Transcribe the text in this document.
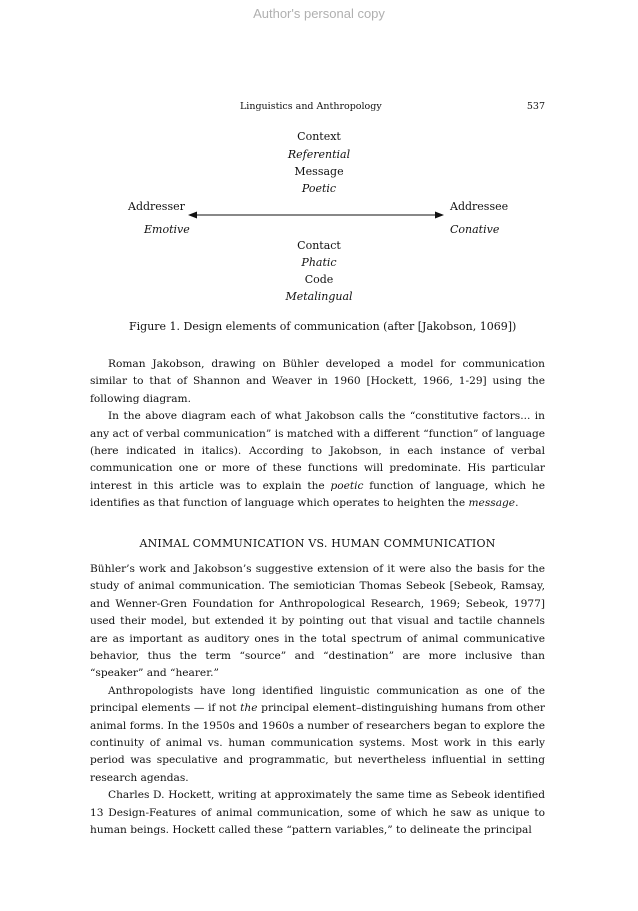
Author's personal copy
Linguistics and Anthropology	537
Context
Referential
Message
Poetic
Addresser
Emotive
Addressee
Conative
Contact
Phatic
Code
Metalingual
Figure 1. Design elements of communication (after [Jakobson, 1069])

Roman Jakobson, drawing on Bühler developed a model for communication similar to that of Shannon and Weaver in 1960 [Hockett, 1966, 1-29] using the following diagram.

In the above diagram each of what Jakobson calls the “constitutive factors... in any act of verbal communication” is matched with a different “function” of language (here indicated in italics). According to Jakobson, in each instance of verbal communication one or more of these functions will predominate. His particular interest in this article was to explain the poetic function of language, which he identifies as that function of language which operates to heighten the message.

ANIMAL COMMUNICATION VS. HUMAN COMMUNICATION

Bühler’s work and Jakobson’s suggestive extension of it were also the basis for the study of animal communication. The semiotician Thomas Sebeok [Sebeok, Ramsay, and Wenner-Gren Foundation for Anthropological Research, 1969; Sebeok, 1977] used their model, but extended it by pointing out that visual and tactile channels are as important as auditory ones in the total spectrum of animal communicative behavior, thus the term “source” and “destination” are more inclusive than “speaker” and “hearer.”

Anthropologists have long identified linguistic communication as one of the principal elements — if not the principal element–distinguishing humans from other animal forms. In the 1950s and 1960s a number of researchers began to explore the continuity of animal vs. human communication systems. Most work in this early period was speculative and programmatic, but nevertheless influential in setting research agendas.

Charles D. Hockett, writing at approximately the same time as Sebeok identified 13 Design-Features of animal communication, some of which he saw as unique to human beings. Hockett called these “pattern variables,” to delineate the principal
